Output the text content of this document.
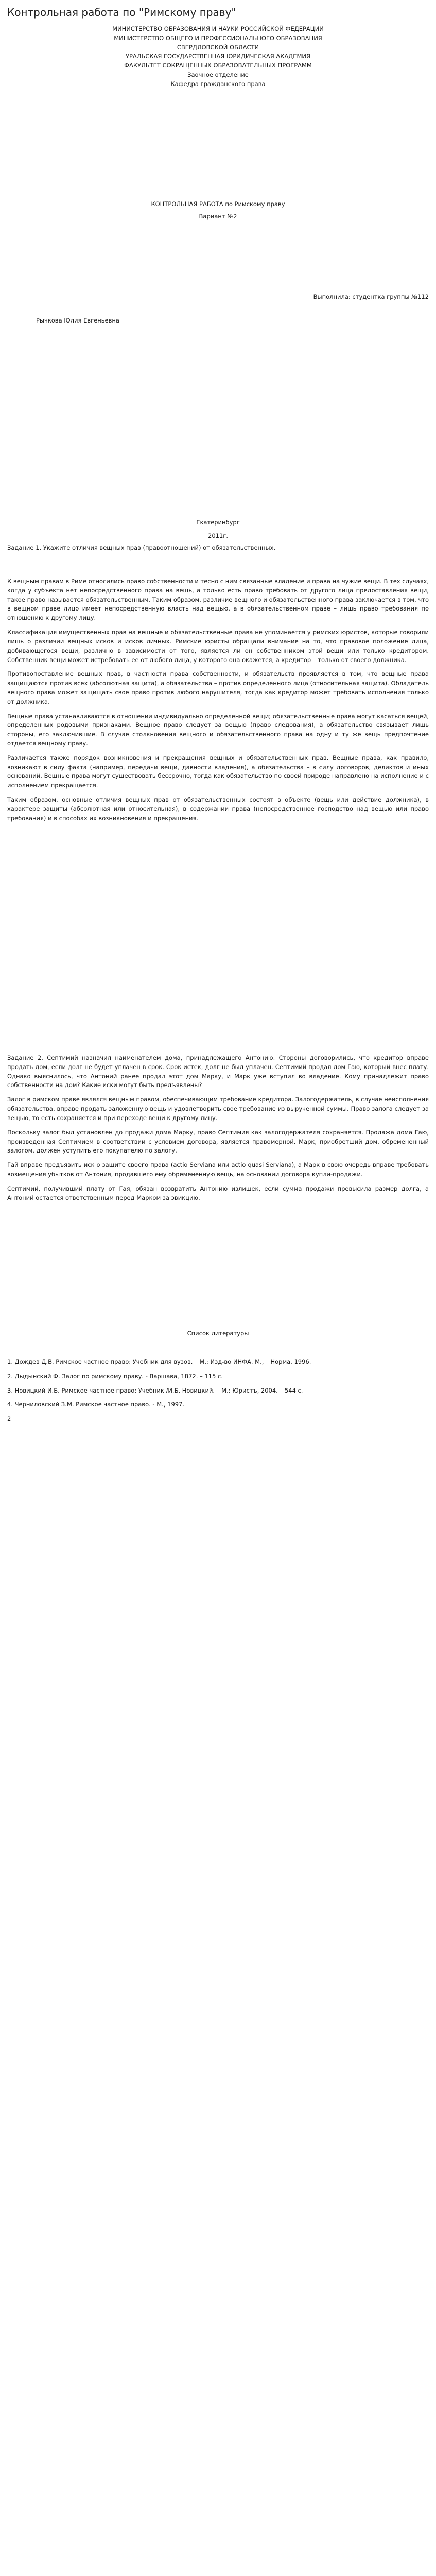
Контрольная работа по "Римскому праву"

МИНИСТЕРСТВО ОБРАЗОВАНИЯ И НАУКИ РОССИЙСКОЙ ФЕДЕРАЦИИ

МИНИСТЕРСТВО ОБЩЕГО И ПРОФЕССИОНАЛЬНОГО ОБРАЗОВАНИЯ

СВЕРДЛОВСКОЙ ОБЛАСТИ

УРАЛЬСКАЯ ГОСУДАРСТВЕННАЯ ЮРИДИЧЕСКАЯ АКАДЕМИЯ

ФАКУЛЬТЕТ СОКРАЩЕННЫХ ОБРАЗОВАТЕЛЬНЫХ ПРОГРАММ

Заочное отделение

Кафедра гражданского права

КОНТРОЛЬНАЯ РАБОТА по Римскому праву

Вариант №2

Выполнила: студентка группы №112

Рычкова Юлия Евгеньевна

Екатеринбург

2011г.

Задание 1. Укажите отличия вещных прав (правоотношений) от обязательственных.

К вещным правам в Риме относились право собственности и тесно с ним связанные владение и права на чужие вещи. В тех случаях, когда у субъекта нет непосредственного права на вещь, а только есть право требовать от другого лица предоставления вещи, такое право называется обязательственным. Таким образом, различие вещного и обязательственного права заключается в том, что в вещном праве лицо имеет непосредственную власть над вещью, а в обязательственном праве – лишь право требования по отношению к другому лицу.

Классификация имущественных прав на вещные и обязательственные права не упоминается у римских юристов, которые говорили лишь о различии вещных исков и исков личных. Римские юристы обращали внимание на то, что правовое положение лица, добивающегося вещи, различно в зависимости от того, является ли он собственником этой вещи или только кредитором. Собственник вещи может истребовать ее от любого лица, у которого она окажется, а кредитор – только от своего должника.

Противопоставление вещных прав, в частности права собственности, и обязательств проявляется в том, что вещные права защищаются против всех (абсолютная защита), а обязательства – против определенного лица (относительная защита). Обладатель вещного права может защищать свое право против любого нарушителя, тогда как кредитор может требовать исполнения только от должника.

Вещные права устанавливаются в отношении индивидуально определенной вещи; обязательственные права могут касаться вещей, определенных родовыми признаками. Вещное право следует за вещью (право следования), а обязательство связывает лишь стороны, его заключившие. В случае столкновения вещного и обязательственного права на одну и ту же вещь предпочтение отдается вещному праву.

Различается также порядок возникновения и прекращения вещных и обязательственных прав. Вещные права, как правило, возникают в силу факта (например, передачи вещи, давности владения), а обязательства – в силу договоров, деликтов и иных оснований. Вещные права могут существовать бессрочно, тогда как обязательство по своей природе направлено на исполнение и с исполнением прекращается.

Таким образом, основные отличия вещных прав от обязательственных состоят в объекте (вещь или действие должника), в характере защиты (абсолютная или относительная), в содержании права (непосредственное господство над вещью или право требования) и в способах их возникновения и прекращения.

Задание 2. Септимий назначил наименателем дома, принадлежащего Антонию. Стороны договорились, что кредитор вправе продать дом, если долг не будет уплачен в срок. Срок истек, долг не был уплачен. Септимий продал дом Гаю, который внес плату. Однако выяснилось, что Антоний ранее продал этот дом Марку, и Марк уже вступил во владение. Кому принадлежит право собственности на дом? Какие иски могут быть предъявлены?

Залог в римском праве являлся вещным правом, обеспечивающим требование кредитора. Залогодержатель, в случае неисполнения обязательства, вправе продать заложенную вещь и удовлетворить свое требование из вырученной суммы. Право залога следует за вещью, то есть сохраняется и при переходе вещи к другому лицу.

Поскольку залог был установлен до продажи дома Марку, право Септимия как залогодержателя сохраняется. Продажа дома Гаю, произведенная Септимием в соответствии с условием договора, является правомерной. Марк, приобретший дом, обремененный залогом, должен уступить его покупателю по залогу.

Гай вправе предъявить иск о защите своего права (actio Serviana или actio quasi Serviana), а Марк в свою очередь вправе требовать возмещения убытков от Антония, продавшего ему обремененную вещь, на основании договора купли-продажи.

Септимий, получивший плату от Гая, обязан возвратить Антонию излишек, если сумма продажи превысила размер долга, а Антоний остается ответственным перед Марком за эвикцию.

Список литературы

1. Дождев Д.В. Римское частное право: Учебник для вузов. – М.: Изд-во ИНФА. М., – Норма, 1996.

2. Дыдынский Ф. Залог по римскому праву. - Варшава, 1872. – 115 с.

3. Новицкий И.Б. Римское частное право: Учебник /И.Б. Новицкий. – М.: Юристъ, 2004. – 544 с.

4. Черниловский З.М. Римское частное право. - М., 1997.

2
